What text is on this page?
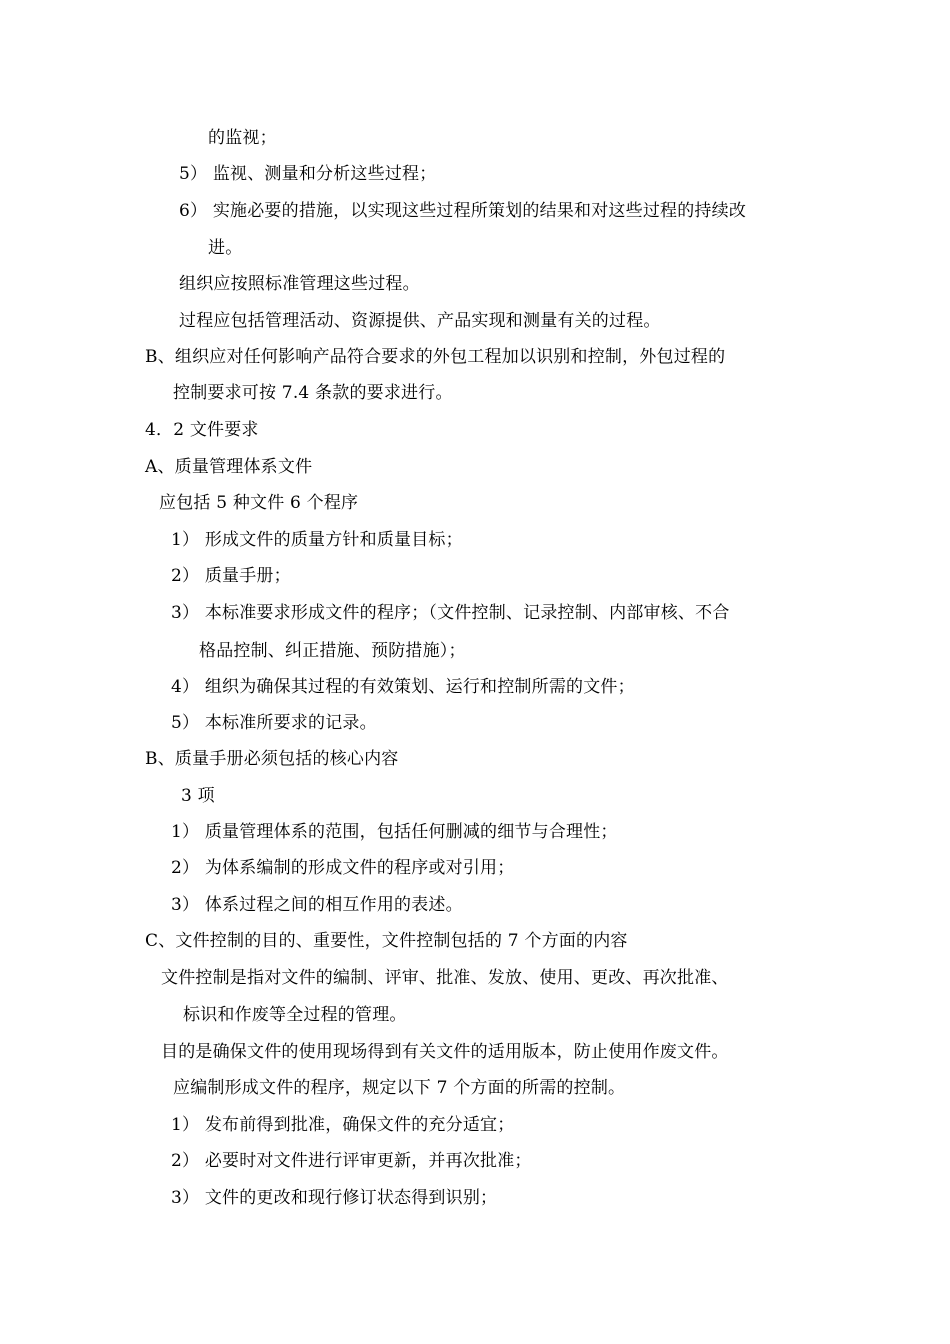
的监视；
5） 监视、测量和分析这些过程；
6） 实施必要的措施，以实现这些过程所策划的结果和对这些过程的持续改
进。
组织应按照标准管理这些过程。
过程应包括管理活动、资源提供、产品实现和测量有关的过程。
B、组织应对任何影响产品符合要求的外包工程加以识别和控制，外包过程的
控制要求可按 7.4 条款的要求进行。
4．2 文件要求
A、质量管理体系文件
应包括 5 种文件 6 个程序
1） 形成文件的质量方针和质量目标；
2） 质量手册；
3） 本标准要求形成文件的程序；（文件控制、记录控制、内部审核、不合
格品控制、纠正措施、预防措施）；
4） 组织为确保其过程的有效策划、运行和控制所需的文件；
5） 本标准所要求的记录。
B、质量手册必须包括的核心内容
3 项
1） 质量管理体系的范围，包括任何删减的细节与合理性；
2） 为体系编制的形成文件的程序或对引用；
3） 体系过程之间的相互作用的表述。
C、文件控制的目的、重要性，文件控制包括的 7 个方面的内容
文件控制是指对文件的编制、评审、批准、发放、使用、更改、再次批准、
标识和作废等全过程的管理。
目的是确保文件的使用现场得到有关文件的适用版本，防止使用作废文件。
应编制形成文件的程序，规定以下 7 个方面的所需的控制。
1） 发布前得到批准，确保文件的充分适宜；
2） 必要时对文件进行评审更新，并再次批准；
3） 文件的更改和现行修订状态得到识别；
